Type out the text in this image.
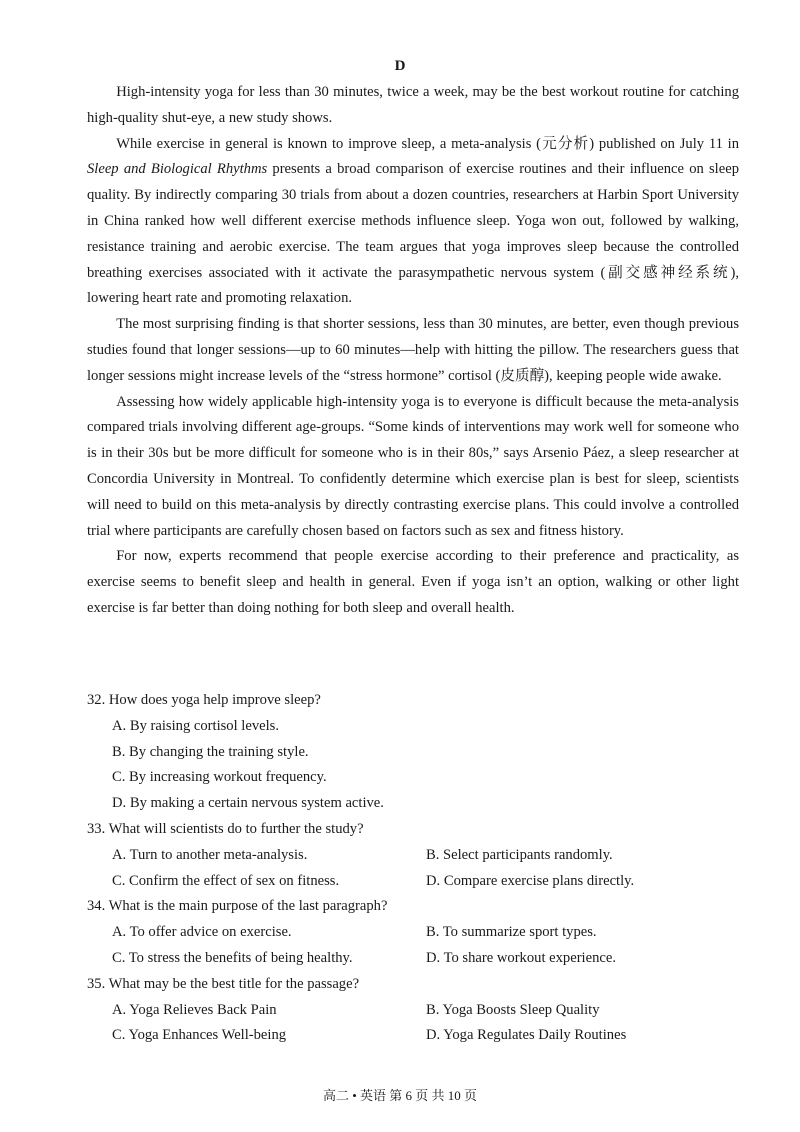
D

High-intensity yoga for less than 30 minutes, twice a week, may be the best workout routine for catching high-quality shut-eye, a new study shows.

While exercise in general is known to improve sleep, a meta-analysis (元分析) published on July 11 in Sleep and Biological Rhythms presents a broad comparison of exercise routines and their influence on sleep quality. By indirectly comparing 30 trials from about a dozen countries, researchers at Harbin Sport University in China ranked how well different exercise methods influence sleep. Yoga won out, followed by walking, resistance training and aerobic exercise. The team argues that yoga improves sleep because the controlled breathing exercises associated with it activate the parasympathetic nervous system (副交感神经系统), lowering heart rate and promoting relaxation.

The most surprising finding is that shorter sessions, less than 30 minutes, are better, even though previous studies found that longer sessions—up to 60 minutes—help with hitting the pillow. The researchers guess that longer sessions might increase levels of the “stress hormone” cortisol (皮质醇), keeping people wide awake.

Assessing how widely applicable high-intensity yoga is to everyone is difficult because the meta-analysis compared trials involving different age-groups. “Some kinds of interventions may work well for someone who is in their 30s but be more difficult for someone who is in their 80s,” says Arsenio Páez, a sleep researcher at Concordia University in Montreal. To confidently determine which exercise plan is best for sleep, scientists will need to build on this meta-analysis by directly contrasting exercise plans. This could involve a controlled trial where participants are carefully chosen based on factors such as sex and fitness history.

For now, experts recommend that people exercise according to their preference and practicality, as exercise seems to benefit sleep and health in general. Even if yoga isn’t an option, walking or other light exercise is far better than doing nothing for both sleep and overall health.

32. How does yoga help improve sleep?

A. By raising cortisol levels.

B. By changing the training style.

C. By increasing workout frequency.

D. By making a certain nervous system active.

33. What will scientists do to further the study?

A. Turn to another meta-analysis.	B. Select participants randomly.
C. Confirm the effect of sex on fitness.	D. Compare exercise plans directly.

34. What is the main purpose of the last paragraph?

A. To offer advice on exercise.	B. To summarize sport types.
C. To stress the benefits of being healthy.	D. To share workout experience.

35. What may be the best title for the passage?

A. Yoga Relieves Back Pain	B. Yoga Boosts Sleep Quality
C. Yoga Enhances Well-being	D. Yoga Regulates Daily Routines
高二 • 英语 第 6 页 共 10 页
